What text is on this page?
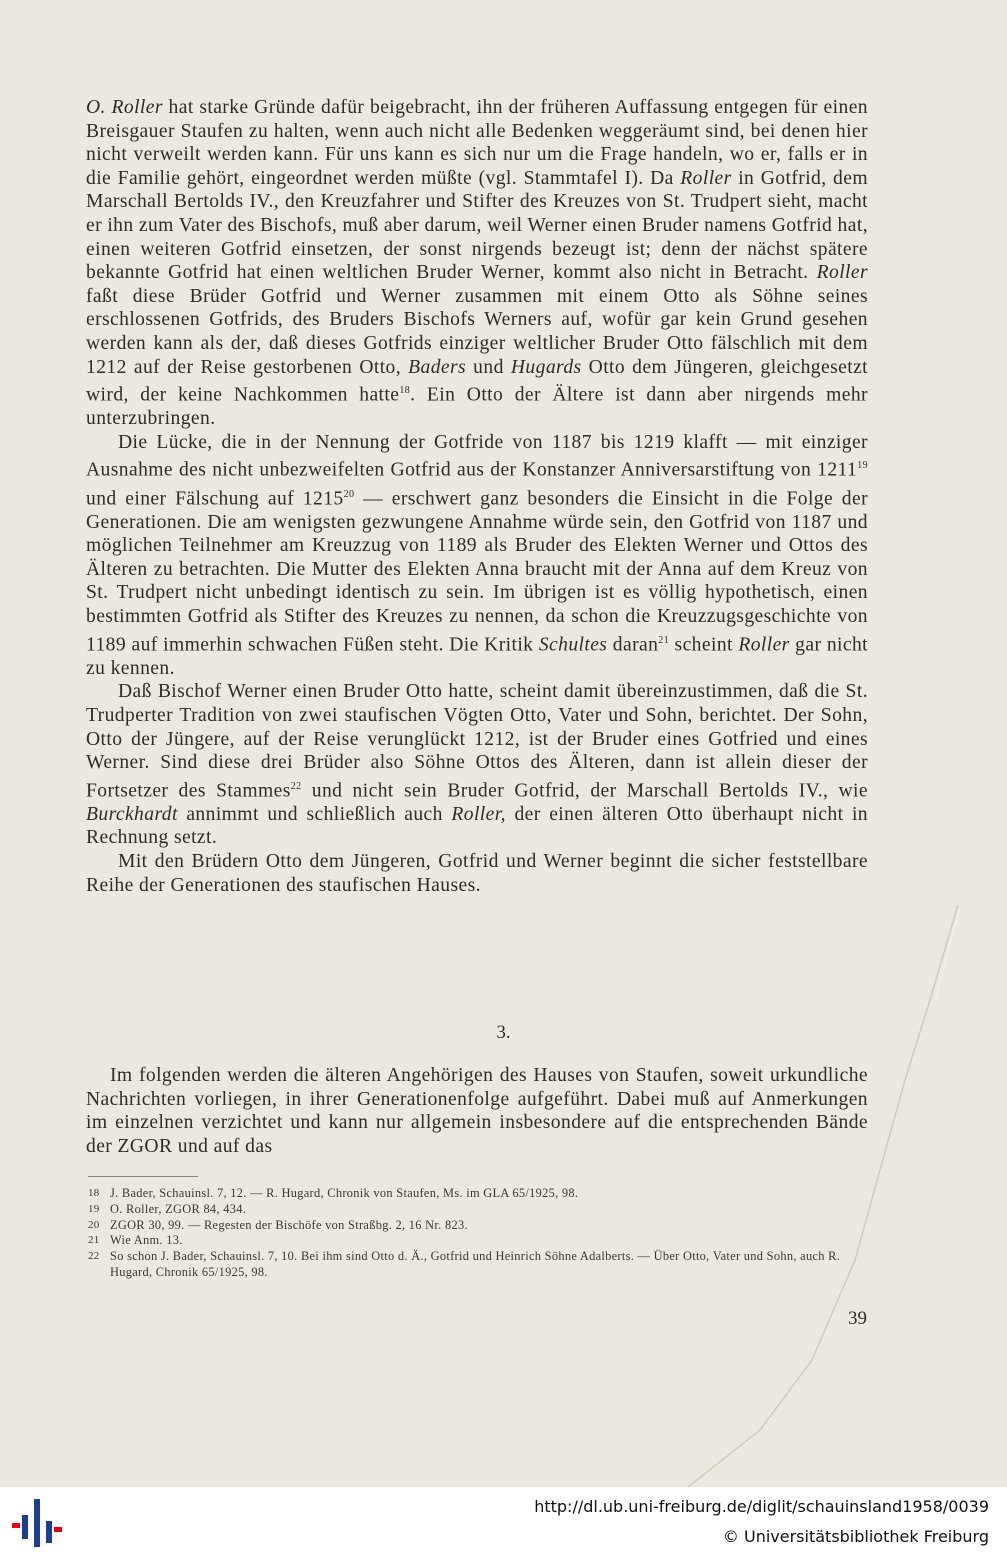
O. Roller hat starke Gründe dafür beigebracht, ihn der früheren Auffassung entgegen für einen Breisgauer Staufen zu halten, wenn auch nicht alle Bedenken weggeräumt sind, bei denen hier nicht verweilt werden kann. Für uns kann es sich nur um die Frage handeln, wo er, falls er in die Familie gehört, eingeordnet werden müßte (vgl. Stammtafel I). Da Roller in Gotfrid, dem Marschall Bertolds IV., den Kreuzfahrer und Stifter des Kreuzes von St. Trudpert sieht, macht er ihn zum Vater des Bischofs, muß aber darum, weil Werner einen Bruder namens Gotfrid hat, einen weiteren Gotfrid einsetzen, der sonst nirgends bezeugt ist; denn der nächst spätere bekannte Gotfrid hat einen weltlichen Bruder Werner, kommt also nicht in Betracht. Roller faßt diese Brüder Gotfrid und Werner zusammen mit einem Otto als Söhne seines erschlossenen Gotfrids, des Bruders Bischofs Werners auf, wofür gar kein Grund gesehen werden kann als der, daß dieses Gotfrids einziger weltlicher Bruder Otto fälschlich mit dem 1212 auf der Reise gestorbenen Otto, Baders und Hugards Otto dem Jüngeren, gleichgesetzt wird, der keine Nachkommen hatte$^{18}$. Ein Otto der Ältere ist dann aber nirgends mehr unterzubringen.

Die Lücke, die in der Nennung der Gotfride von 1187 bis 1219 klafft — mit einziger Ausnahme des nicht unbezweifelten Gotfrid aus der Konstanzer Anniversarstiftung von 1211$^{19}$ und einer Fälschung auf 1215$^{20}$ — erschwert ganz besonders die Einsicht in die Folge der Generationen. Die am wenigsten gezwungene Annahme würde sein, den Gotfrid von 1187 und möglichen Teilnehmer am Kreuzzug von 1189 als Bruder des Elekten Werner und Ottos des Älteren zu betrachten. Die Mutter des Elekten Anna braucht mit der Anna auf dem Kreuz von St. Trudpert nicht unbedingt identisch zu sein. Im übrigen ist es völlig hypothetisch, einen bestimmten Gotfrid als Stifter des Kreuzes zu nennen, da schon die Kreuzzugsgeschichte von 1189 auf immerhin schwachen Füßen steht. Die Kritik Schultes daran$^{21}$ scheint Roller gar nicht zu kennen.

Daß Bischof Werner einen Bruder Otto hatte, scheint damit übereinzustimmen, daß die St. Trudperter Tradition von zwei staufischen Vögten Otto, Vater und Sohn, berichtet. Der Sohn, Otto der Jüngere, auf der Reise verunglückt 1212, ist der Bruder eines Gotfried und eines Werner. Sind diese drei Brüder also Söhne Ottos des Älteren, dann ist allein dieser der Fortsetzer des Stammes$^{22}$ und nicht sein Bruder Gotfrid, der Marschall Bertolds IV., wie Burckhardt annimmt und schließlich auch Roller, der einen älteren Otto überhaupt nicht in Rechnung setzt.

Mit den Brüdern Otto dem Jüngeren, Gotfrid und Werner beginnt die sicher feststellbare Reihe der Generationen des staufischen Hauses.

3.

Im folgenden werden die älteren Angehörigen des Hauses von Staufen, soweit urkundliche Nachrichten vorliegen, in ihrer Generationenfolge aufgeführt. Dabei muß auf Anmerkungen im einzelnen verzichtet und kann nur allgemein insbesondere auf die entsprechenden Bände der ZGOR und auf das

18 J. Bader, Schauinsl. 7, 12. — R. Hugard, Chronik von Staufen, Ms. im GLA 65/1925, 98.
19 O. Roller, ZGOR 84, 434.
20 ZGOR 30, 99. — Regesten der Bischöfe von Straßbg. 2, 16 Nr. 823.
21 Wie Anm. 13.
22 So schon J. Bader, Schauinsl. 7, 10. Bei ihm sind Otto d. Ä., Gotfrid und Heinrich Söhne Adalberts. — Über Otto, Vater und Sohn, auch R. Hugard, Chronik 65/1925, 98.
39
http://dl.ub.uni-freiburg.de/diglit/schauinsland1958/0039
© Universitätsbibliothek Freiburg
